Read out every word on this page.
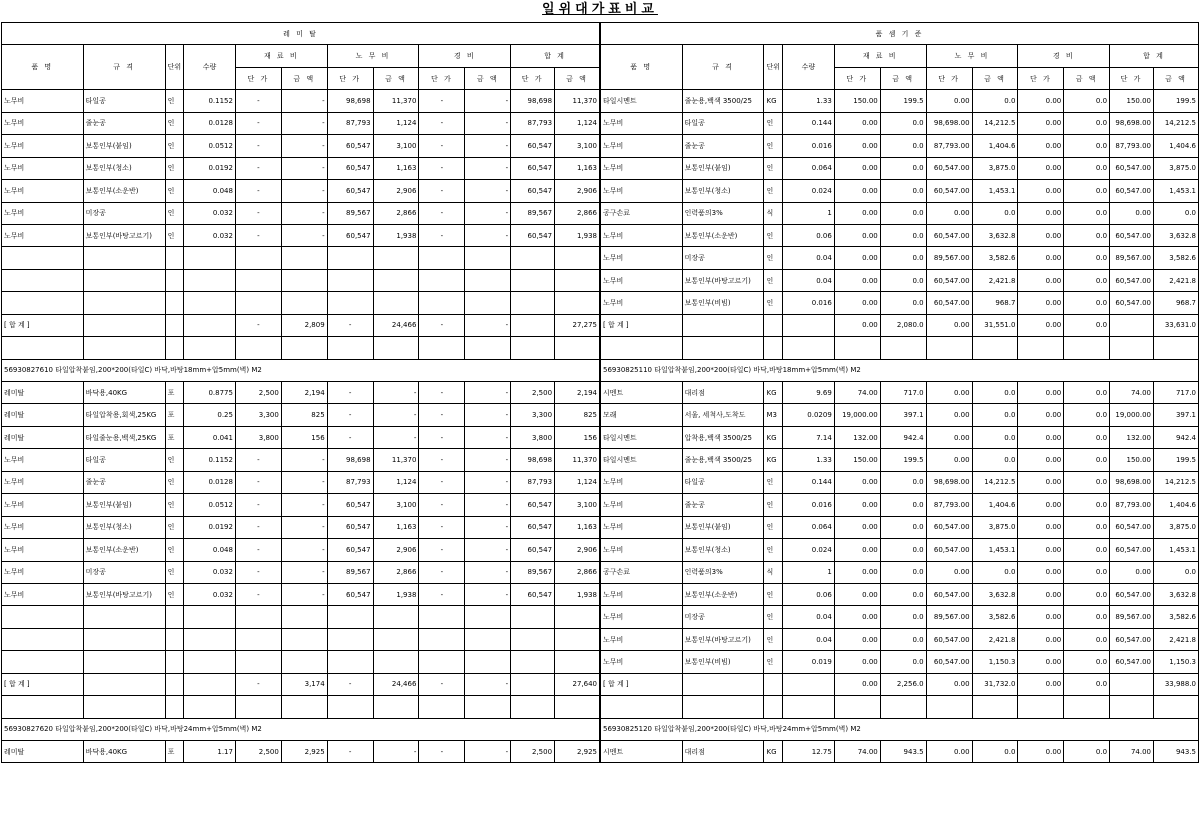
일위대가표비교
레 미 탈											
품 명	규 격	단위	수량	재 료 비		노 무 비		경 비		합 계	
				단 가	금 액	단 가	금 액	단 가	금 액	단 가	금 액
노무비	타일공	인	0.1152	-	-	98,698	11,370	-	-	98,698	11,370
노무비	줄눈공	인	0.0128	-	-	87,793	1,124	-	-	87,793	1,124
노무비	보통인부(붙임)	인	0.0512	-	-	60,547	3,100	-	-	60,547	3,100
노무비	보통인부(청소)	인	0.0192	-	-	60,547	1,163	-	-	60,547	1,163
노무비	보통인부(소운반)	인	0.048	-	-	60,547	2,906	-	-	60,547	2,906
노무비	미장공	인	0.032	-	-	89,567	2,866	-	-	89,567	2,866
노무비	보통인부(바탕고르기)	인	0.032	-	-	60,547	1,938	-	-	60,547	1,938

[ 합 계 ]				-	2,809	-	24,466	-	-		27,275

56930827610 타일압착붙임,200*200(타일C) 바닥,바탕18mm+압5mm(벽) M2											
레미탈	바닥용,40KG	포	0.8775	2,500	2,194	-	-	-	-	2,500	2,194
레미탈	타일압착용,회색,25KG	포	0.25	3,300	825	-	-	-	-	3,300	825
레미탈	타일줄눈용,백색,25KG	포	0.041	3,800	156	-	-	-	-	3,800	156
노무비	타일공	인	0.1152	-	-	98,698	11,370	-	-	98,698	11,370
노무비	줄눈공	인	0.0128	-	-	87,793	1,124	-	-	87,793	1,124
노무비	보통인부(붙임)	인	0.0512	-	-	60,547	3,100	-	-	60,547	3,100
노무비	보통인부(청소)	인	0.0192	-	-	60,547	1,163	-	-	60,547	1,163
노무비	보통인부(소운반)	인	0.048	-	-	60,547	2,906	-	-	60,547	2,906
노무비	미장공	인	0.032	-	-	89,567	2,866	-	-	89,567	2,866
노무비	보통인부(바탕고르기)	인	0.032	-	-	60,547	1,938	-	-	60,547	1,938

[ 합 계 ]				-	3,174	-	24,466	-	-		27,640

56930827620 타일압착붙임,200*200(타일C) 바닥,바탕24mm+압5mm(벽) M2											
레미탈	바닥용,40KG	포	1.17	2,500	2,925	-	-	-	-	2,500	2,925
품 셈 기 준											
품 명	규 격	단위	수량	재 료 비		노 무 비		경 비		합 계	
				단 가	금 액	단 가	금 액	단 가	금 액	단 가	금 액
타일시멘트	줄눈용,백색 3500/25	KG	1.33	150.00	199.5	0.00	0.0	0.00	0.0	150.00	199.5
노무비	타일공	인	0.144	0.00	0.0	98,698.00	14,212.5	0.00	0.0	98,698.00	14,212.5
노무비	줄눈공	인	0.016	0.00	0.0	87,793.00	1,404.6	0.00	0.0	87,793.00	1,404.6
노무비	보통인부(붙임)	인	0.064	0.00	0.0	60,547.00	3,875.0	0.00	0.0	60,547.00	3,875.0
노무비	보통인부(청소)	인	0.024	0.00	0.0	60,547.00	1,453.1	0.00	0.0	60,547.00	1,453.1
공구손료	인력품의3%	식	1	0.00	0.0	0.00	0.0	0.00	0.0	0.00	0.0
노무비	보통인부(소운반)	인	0.06	0.00	0.0	60,547.00	3,632.8	0.00	0.0	60,547.00	3,632.8
노무비	미장공	인	0.04	0.00	0.0	89,567.00	3,582.6	0.00	0.0	89,567.00	3,582.6
노무비	보통인부(바탕고르기)	인	0.04	0.00	0.0	60,547.00	2,421.8	0.00	0.0	60,547.00	2,421.8
노무비	보통인부(비빔)	인	0.016	0.00	0.0	60,547.00	968.7	0.00	0.0	60,547.00	968.7
[ 합 계 ]				0.00	2,080.0	0.00	31,551.0	0.00	0.0		33,631.0

56930825110 타일압착붙임,200*200(타일C) 바닥,바탕18mm+압5mm(벽) M2											
시멘트	대리점	KG	9.69	74.00	717.0	0.00	0.0	0.00	0.0	74.00	717.0
모래	서울, 세척사,도착도	M3	0.0209	19,000.00	397.1	0.00	0.0	0.00	0.0	19,000.00	397.1
타일시멘트	압착용,백색 3500/25	KG	7.14	132.00	942.4	0.00	0.0	0.00	0.0	132.00	942.4
타일시멘트	줄눈용,백색 3500/25	KG	1.33	150.00	199.5	0.00	0.0	0.00	0.0	150.00	199.5
노무비	타일공	인	0.144	0.00	0.0	98,698.00	14,212.5	0.00	0.0	98,698.00	14,212.5
노무비	줄눈공	인	0.016	0.00	0.0	87,793.00	1,404.6	0.00	0.0	87,793.00	1,404.6
노무비	보통인부(붙임)	인	0.064	0.00	0.0	60,547.00	3,875.0	0.00	0.0	60,547.00	3,875.0
노무비	보통인부(청소)	인	0.024	0.00	0.0	60,547.00	1,453.1	0.00	0.0	60,547.00	1,453.1
공구손료	인력품의3%	식	1	0.00	0.0	0.00	0.0	0.00	0.0	0.00	0.0
노무비	보통인부(소운반)	인	0.06	0.00	0.0	60,547.00	3,632.8	0.00	0.0	60,547.00	3,632.8
노무비	미장공	인	0.04	0.00	0.0	89,567.00	3,582.6	0.00	0.0	89,567.00	3,582.6
노무비	보통인부(바탕고르기)	인	0.04	0.00	0.0	60,547.00	2,421.8	0.00	0.0	60,547.00	2,421.8
노무비	보통인부(비빔)	인	0.019	0.00	0.0	60,547.00	1,150.3	0.00	0.0	60,547.00	1,150.3
[ 합 계 ]				0.00	2,256.0	0.00	31,732.0	0.00	0.0		33,988.0

56930825120 타일압착붙임,200*200(타일C) 바닥,바탕24mm+압5mm(벽) M2											
시멘트	대리점	KG	12.75	74.00	943.5	0.00	0.0	0.00	0.0	74.00	943.5
